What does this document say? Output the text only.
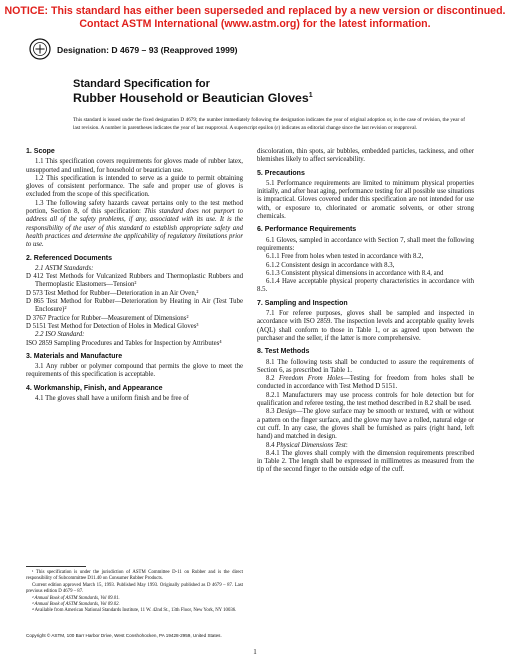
NOTICE: This standard has either been superseded and replaced by a new version or discontinued.
Contact ASTM International (www.astm.org) for the latest information.
Designation: D 4679 – 93 (Reapproved 1999)
Standard Specification for
Rubber Household or Beautician Gloves$^1$
This standard is issued under the fixed designation D 4679; the number immediately following the designation indicates the year of original adoption or, in the case of revision, the year of last revision. A number in parentheses indicates the year of last reapproval. A superscript epsilon (ε) indicates an editorial change since the last revision or reapproval.
1. Scope

1.1 This specification covers requirements for gloves made of rubber latex, unsupported and unlined, for household or beautician use.

1.2 This specification is intended to serve as a guide to permit obtaining gloves of consistent performance. The safe and proper use of gloves is excluded from the scope of this specification.

1.3 The following safety hazards caveat pertains only to the test method portion, Section 8, of this specification: This standard does not purport to address all of the safety problems, if any, associated with its use. It is the responsibility of the user of this standard to establish appropriate safety and health practices and determine the applicability of regulatory limitations prior to use.

2. Referenced Documents

2.1 ASTM Standards:

D 412 Test Methods for Vulcanized Rubbers and Thermoplastic Rubbers and Thermoplastic Elastomers—Tension²

D 573 Test Method for Rubber—Deterioration in an Air Oven,²

D 865 Test Method for Rubber—Deterioration by Heating in Air (Test Tube Enclosure)²

D 3767 Practice for Rubber—Measurement of Dimensions²

D 5151 Test Method for Detection of Holes in Medical Gloves³

2.2 ISO Standard:

ISO 2859 Sampling Procedures and Tables for Inspection by Attributes⁴

3. Materials and Manufacture

3.1 Any rubber or polymer compound that permits the glove to meet the requirements of this specification is acceptable.

4. Workmanship, Finish, and Appearance

4.1 The gloves shall have a uniform finish and be free of

discoloration, thin spots, air bubbles, embedded particles, tackiness, and other blemishes likely to affect serviceability.

5. Precautions

5.1 Performance requirements are limited to minimum physical properties initially, and after heat aging, performance testing for all possible use situations is impractical. Gloves covered under this specification are not intended for use with, or exposure to, chlorinated or aromatic solvents, or other strong chemicals.

6. Performance Requirements

6.1 Gloves, sampled in accordance with Section 7, shall meet the following requirements:

6.1.1 Free from holes when tested in accordance with 8.2,

6.1.2 Consistent design in accordance with 8.3,

6.1.3 Consistent physical dimensions in accordance with 8.4, and

6.1.4 Have acceptable physical property characteristics in accordance with 8.5.

7. Sampling and Inspection

7.1 For referee purposes, gloves shall be sampled and inspected in accordance with ISO 2859. The inspection levels and acceptable quality levels (AQL) shall conform to those in Table 1, or as agreed upon between the purchaser and the seller, if the latter is more comprehensive.

8. Test Methods

8.1 The following tests shall be conducted to assure the requirements of Section 6, as prescribed in Table 1.

8.2 Freedom From Holes—Testing for freedom from holes shall be conducted in accordance with Test Method D 5151.

8.2.1 Manufacturers may use process controls for hole detection but for qualification and referee testing, the test method described in 8.2 shall be used.

8.3 Design—The glove surface may be smooth or textured, with or without a pattern on the finger surface, and the glove may have a rolled, natural edge or cut cuff. In any case, the gloves shall be furnished as pairs (right hand, left hand) and matched in design.

8.4 Physical Dimensions Test:

8.4.1 The gloves shall comply with the dimension requirements prescribed in Table 2. The length shall be expressed in millimetres as measured from the tip of the second finger to the outside edge of the cuff.

¹ This specification is under the jurisdiction of ASTM Committee D-11 on Rubber and is the direct responsibility of Subcommittee D11.40 on Consumer Rubber Products.

Current edition approved March 15, 1993. Published May 1993. Originally published as D 4679 – 87. Last previous edition D 4679 – 87.

² Annual Book of ASTM Standards, Vol 09.01.

³ Annual Book of ASTM Standards, Vol 09.02.

⁴ Available from American National Standards Institute, 11 W. 42nd St., 13th Floor, New York, NY 10036.

Copyright © ASTM, 100 Barr Harbor Drive, West Conshohocken, PA 19428-2959, United States.
1
